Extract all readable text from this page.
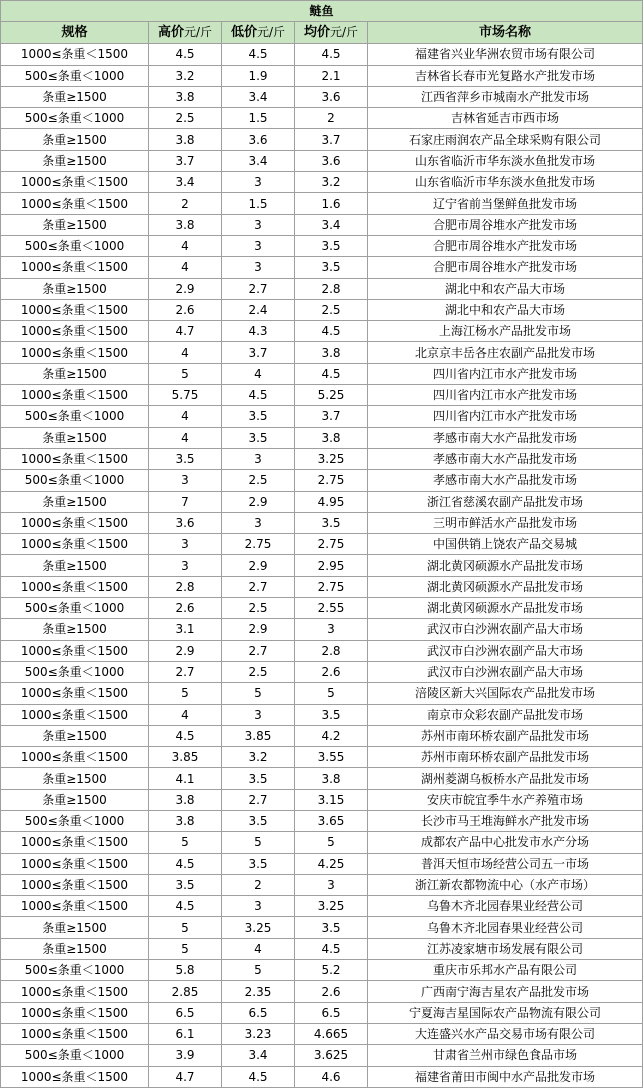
鲢鱼				
规格	高价元/斤	低价元/斤	均价元/斤	市场名称
1000≤条重＜1500	4.5	4.5	4.5	福建省兴业华洲农贸市场有限公司
500≤条重＜1000	3.2	1.9	2.1	吉林省长春市光复路水产批发市场
条重≥1500	3.8	3.4	3.6	江西省萍乡市城南水产批发市场
500≤条重＜1000	2.5	1.5	2	吉林省延吉市西市场
条重≥1500	3.8	3.6	3.7	石家庄雨润农产品全球采购有限公司
条重≥1500	3.7	3.4	3.6	山东省临沂市华东淡水鱼批发市场
1000≤条重＜1500	3.4	3	3.2	山东省临沂市华东淡水鱼批发市场
1000≤条重＜1500	2	1.5	1.6	辽宁省前当堡鲜鱼批发市场
条重≥1500	3.8	3	3.4	合肥市周谷堆水产批发市场
500≤条重＜1000	4	3	3.5	合肥市周谷堆水产批发市场
1000≤条重＜1500	4	3	3.5	合肥市周谷堆水产批发市场
条重≥1500	2.9	2.7	2.8	湖北中和农产品大市场
1000≤条重＜1500	2.6	2.4	2.5	湖北中和农产品大市场
1000≤条重＜1500	4.7	4.3	4.5	上海江杨水产品批发市场
1000≤条重＜1500	4	3.7	3.8	北京京丰岳各庄农副产品批发市场
条重≥1500	5	4	4.5	四川省内江市水产批发市场
1000≤条重＜1500	5.75	4.5	5.25	四川省内江市水产批发市场
500≤条重＜1000	4	3.5	3.7	四川省内江市水产批发市场
条重≥1500	4	3.5	3.8	孝感市南大水产品批发市场
1000≤条重＜1500	3.5	3	3.25	孝感市南大水产品批发市场
500≤条重＜1000	3	2.5	2.75	孝感市南大水产品批发市场
条重≥1500	7	2.9	4.95	浙江省慈溪农副产品批发市场
1000≤条重＜1500	3.6	3	3.5	三明市鲜活水产品批发市场
1000≤条重＜1500	3	2.75	2.75	中国供销上饶农产品交易城
条重≥1500	3	2.9	2.95	湖北黄冈硕源水产品批发市场
1000≤条重＜1500	2.8	2.7	2.75	湖北黄冈硕源水产品批发市场
500≤条重＜1000	2.6	2.5	2.55	湖北黄冈硕源水产品批发市场
条重≥1500	3.1	2.9	3	武汉市白沙洲农副产品大市场
1000≤条重＜1500	2.9	2.7	2.8	武汉市白沙洲农副产品大市场
500≤条重＜1000	2.7	2.5	2.6	武汉市白沙洲农副产品大市场
1000≤条重＜1500	5	5	5	涪陵区新大兴国际农产品批发市场
1000≤条重＜1500	4	3	3.5	南京市众彩农副产品批发市场
条重≥1500	4.5	3.85	4.2	苏州市南环桥农副产品批发市场
1000≤条重＜1500	3.85	3.2	3.55	苏州市南环桥农副产品批发市场
条重≥1500	4.1	3.5	3.8	湖州菱湖乌板桥水产品批发市场
条重≥1500	3.8	2.7	3.15	安庆市皖宜季牛水产养殖市场
500≤条重＜1000	3.8	3.5	3.65	长沙市马王堆海鲜水产批发市场
1000≤条重＜1500	5	5	5	成都农产品中心批发市水产分场
1000≤条重＜1500	4.5	3.5	4.25	普洱天恒市场经营公司五一市场
1000≤条重＜1500	3.5	2	3	浙江新农都物流中心（水产市场）
1000≤条重＜1500	4.5	3	3.25	乌鲁木齐北园春果业经营公司
条重≥1500	5	3.25	3.5	乌鲁木齐北园春果业经营公司
条重≥1500	5	4	4.5	江苏凌家塘市场发展有限公司
500≤条重＜1000	5.8	5	5.2	重庆市乐邦水产品有限公司
1000≤条重＜1500	2.85	2.35	2.6	广西南宁海吉星农产品批发市场
1000≤条重＜1500	6.5	6.5	6.5	宁夏海吉星国际农产品物流有限公司
1000≤条重＜1500	6.1	3.23	4.665	大连盛兴水产品交易市场有限公司
500≤条重＜1000	3.9	3.4	3.625	甘肃省兰州市绿色食品市场
1000≤条重＜1500	4.7	4.5	4.6	福建省莆田市闽中水产品批发市场
